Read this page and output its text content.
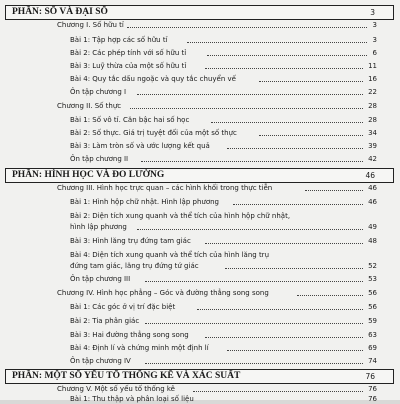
PHẦN: SỐ VÀ ĐẠI SỐ	3
Chương I. Số hữu tỉ	3
Bài 1: Tập hợp các số hữu tỉ	3
Bài 2: Các phép tính với số hữu tỉ	6
Bài 3: Luỹ thừa của một số hữu tỉ	11
Bài 4: Quy tắc dấu ngoặc và quy tắc chuyển vế	16
Ôn tập chương I	22
Chương II. Số thực	28
Bài 1: Số vô tỉ. Căn bậc hai số học	28
Bài 2: Số thực. Giá trị tuyệt đối của một số thực	34
Bài 3: Làm tròn số và ước lượng kết quả	39
Ôn tập chương II	42
PHẦN: HÌNH HỌC VÀ ĐO LƯỜNG	46
Chương III. Hình học trực quan – các hình khối trong thực tiễn	46
Bài 1: Hình hộp chữ nhật. Hình lập phương	46
Bài 2: Diện tích xung quanh và thể tích của hình hộp chữ nhật,
hình lập phương	49
Bài 3: Hình lăng trụ đứng tam giác	48
Bài 4: Diện tích xung quanh và thể tích của hình lăng trụ
đứng tam giác, lăng trụ đứng tứ giác	52
Ôn tập chương III	53
Chương IV. Hình học phẳng – Góc và đường thẳng song song	56
Bài 1: Các góc ở vị trí đặc biệt	56
Bài 2: Tia phân giác	59
Bài 3: Hai đường thẳng song song	63
Bài 4: Định lí và chứng minh một định lí	69
Ôn tập chương IV	74
PHẦN: MỘT SỐ YẾU TỐ THỐNG KÊ VÀ XÁC SUẤT	76
Chương V. Một số yếu tố thống kê	76
Bài 1: Thu thập và phân loại số liệu	76
